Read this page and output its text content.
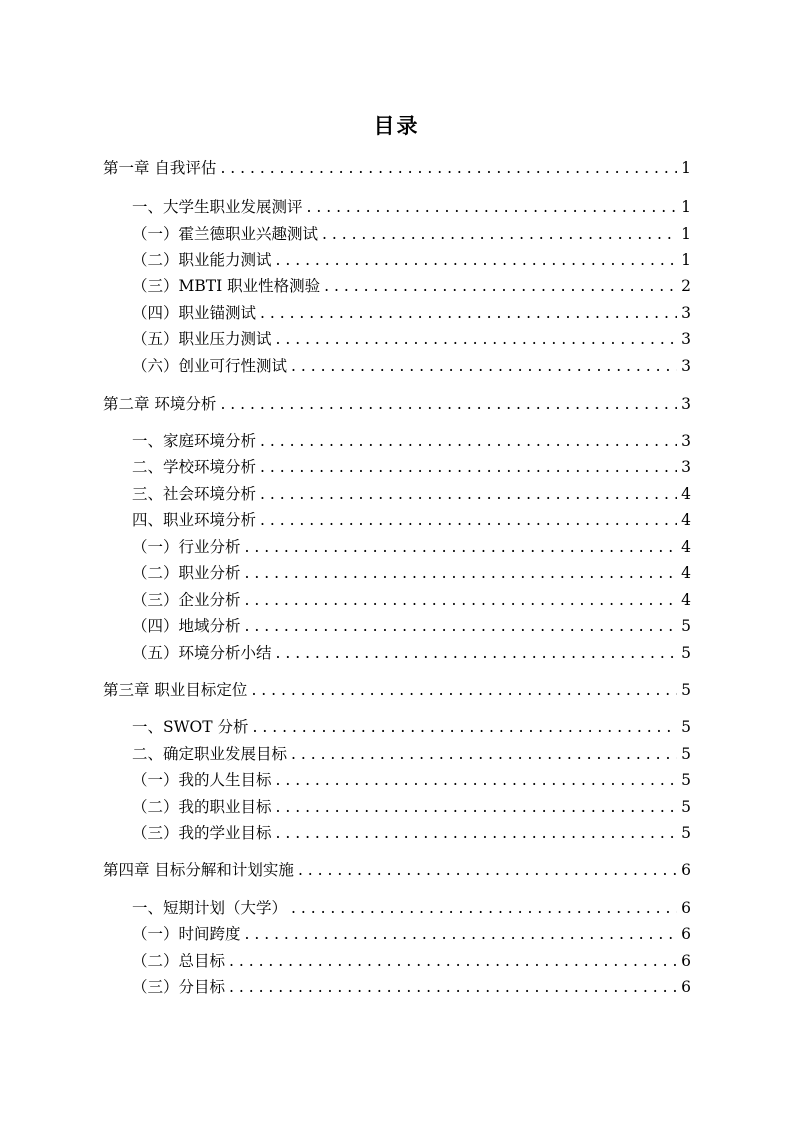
目录
第一章 自我评估 . . .	1
一、大学生职业发展测评 . . .	1
（一）霍兰德职业兴趣测试 . . .	1
（二）职业能力测试 . . .	1
（三）MBTI 职业性格测验 . . .	2
（四）职业锚测试 . . .	3
（五）职业压力测试 . . .	3
（六）创业可行性测试 . . .	3
第二章 环境分析 . . .	3
一、家庭环境分析 . . .	3
二、学校环境分析 . . .	3
三、社会环境分析 . . .	4
四、职业环境分析 . . .	4
（一）行业分析 . . .	4
（二）职业分析 . . .	4
（三）企业分析 . . .	4
（四）地域分析 . . .	5
（五）环境分析小结 . . .	5
第三章 职业目标定位 . . .	5
一、SWOT 分析 . . .	5
二、确定职业发展目标 . . .	5
（一）我的人生目标 . . .	5
（二）我的职业目标 . . .	5
（三）我的学业目标 . . .	5
第四章 目标分解和计划实施 . . .	6
一、短期计划（大学） . . .	6
（一）时间跨度 . . .	6
（二）总目标 . . .	6
（三）分目标 . . .	6
